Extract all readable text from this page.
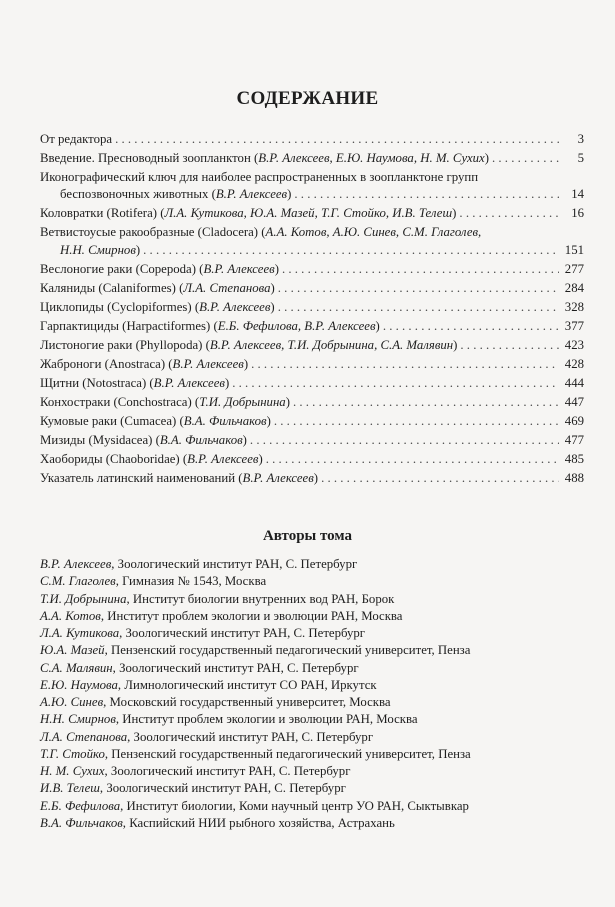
СОДЕРЖАНИЕ
От редактора . . .	3
Введение. Пресноводный зоопланктон (В.Р. Алексеев, Е.Ю. Наумова, Н. М. Сухих) . . .	5
Иконографический ключ для наиболее распространенных в зоопланктоне групп
беспозвоночных животных (В.Р. Алексеев) . . .	14
Коловратки (Rotifera) (Л.А. Кутикова, Ю.А. Мазей, Т.Г. Стойко, И.В. Телеш) . . .	16
Ветвистоусые ракообразные (Cladocera) (А.А. Котов, А.Ю. Синев, С.М. Глаголев,
Н.Н. Смирнов) . . .	151
Веслоногие раки (Copepoda) (В.Р. Алексеев) . . .	277
Каляниды (Calaniformes) (Л.А. Степанова) . . .	284
Циклопиды (Cyclopiformes) (В.Р. Алексеев) . . .	328
Гарпактициды (Harpactiformes) (Е.Б. Фефилова, В.Р. Алексеев) . . .	377
Листоногие раки (Phyllopoda) (В.Р. Алексеев, Т.И. Добрынина, С.А. Малявин) . . .	423
Жаброноги (Anostraca) (В.Р. Алексеев) . . .	428
Щитни (Notostraca) (В.Р. Алексеев) . . .	444
Конхостраки (Conchostraca) (Т.И. Добрынина) . . .	447
Кумовые раки (Cumacea) (В.А. Фильчаков) . . .	469
Мизиды (Mysidacea) (В.А. Фильчаков) . . .	477
Хаобориды (Chaoboridae) (В.Р. Алексеев) . . .	485
Указатель латинский наименований (В.Р. Алексеев) . . .	488
Авторы тома
В.Р. Алексеев, Зоологический институт РАН, С. Петербург
С.М. Глаголев, Гимназия № 1543, Москва
Т.И. Добрынина, Институт биологии внутренних вод РАН, Борок
А.А. Котов, Институт проблем экологии и эволюции РАН, Москва
Л.А. Кутикова, Зоологический институт РАН, С. Петербург
Ю.А. Мазей, Пензенский государственный педагогический университет, Пенза
С.А. Малявин, Зоологический институт РАН, С. Петербург
Е.Ю. Наумова, Лимнологический институт СО РАН, Иркутск
А.Ю. Синев, Московский государственный университет, Москва
Н.Н. Смирнов, Институт проблем экологии и эволюции РАН, Москва
Л.А. Степанова, Зоологический институт РАН, С. Петербург
Т.Г. Стойко, Пензенский государственный педагогический университет, Пенза
Н. М. Сухих, Зоологический институт РАН, С. Петербург
И.В. Телеш, Зоологический институт РАН, С. Петербург
Е.Б. Фефилова, Институт биологии, Коми научный центр УО РАН, Сыктывкар
В.А. Фильчаков, Каспийский НИИ рыбного хозяйства, Астрахань
